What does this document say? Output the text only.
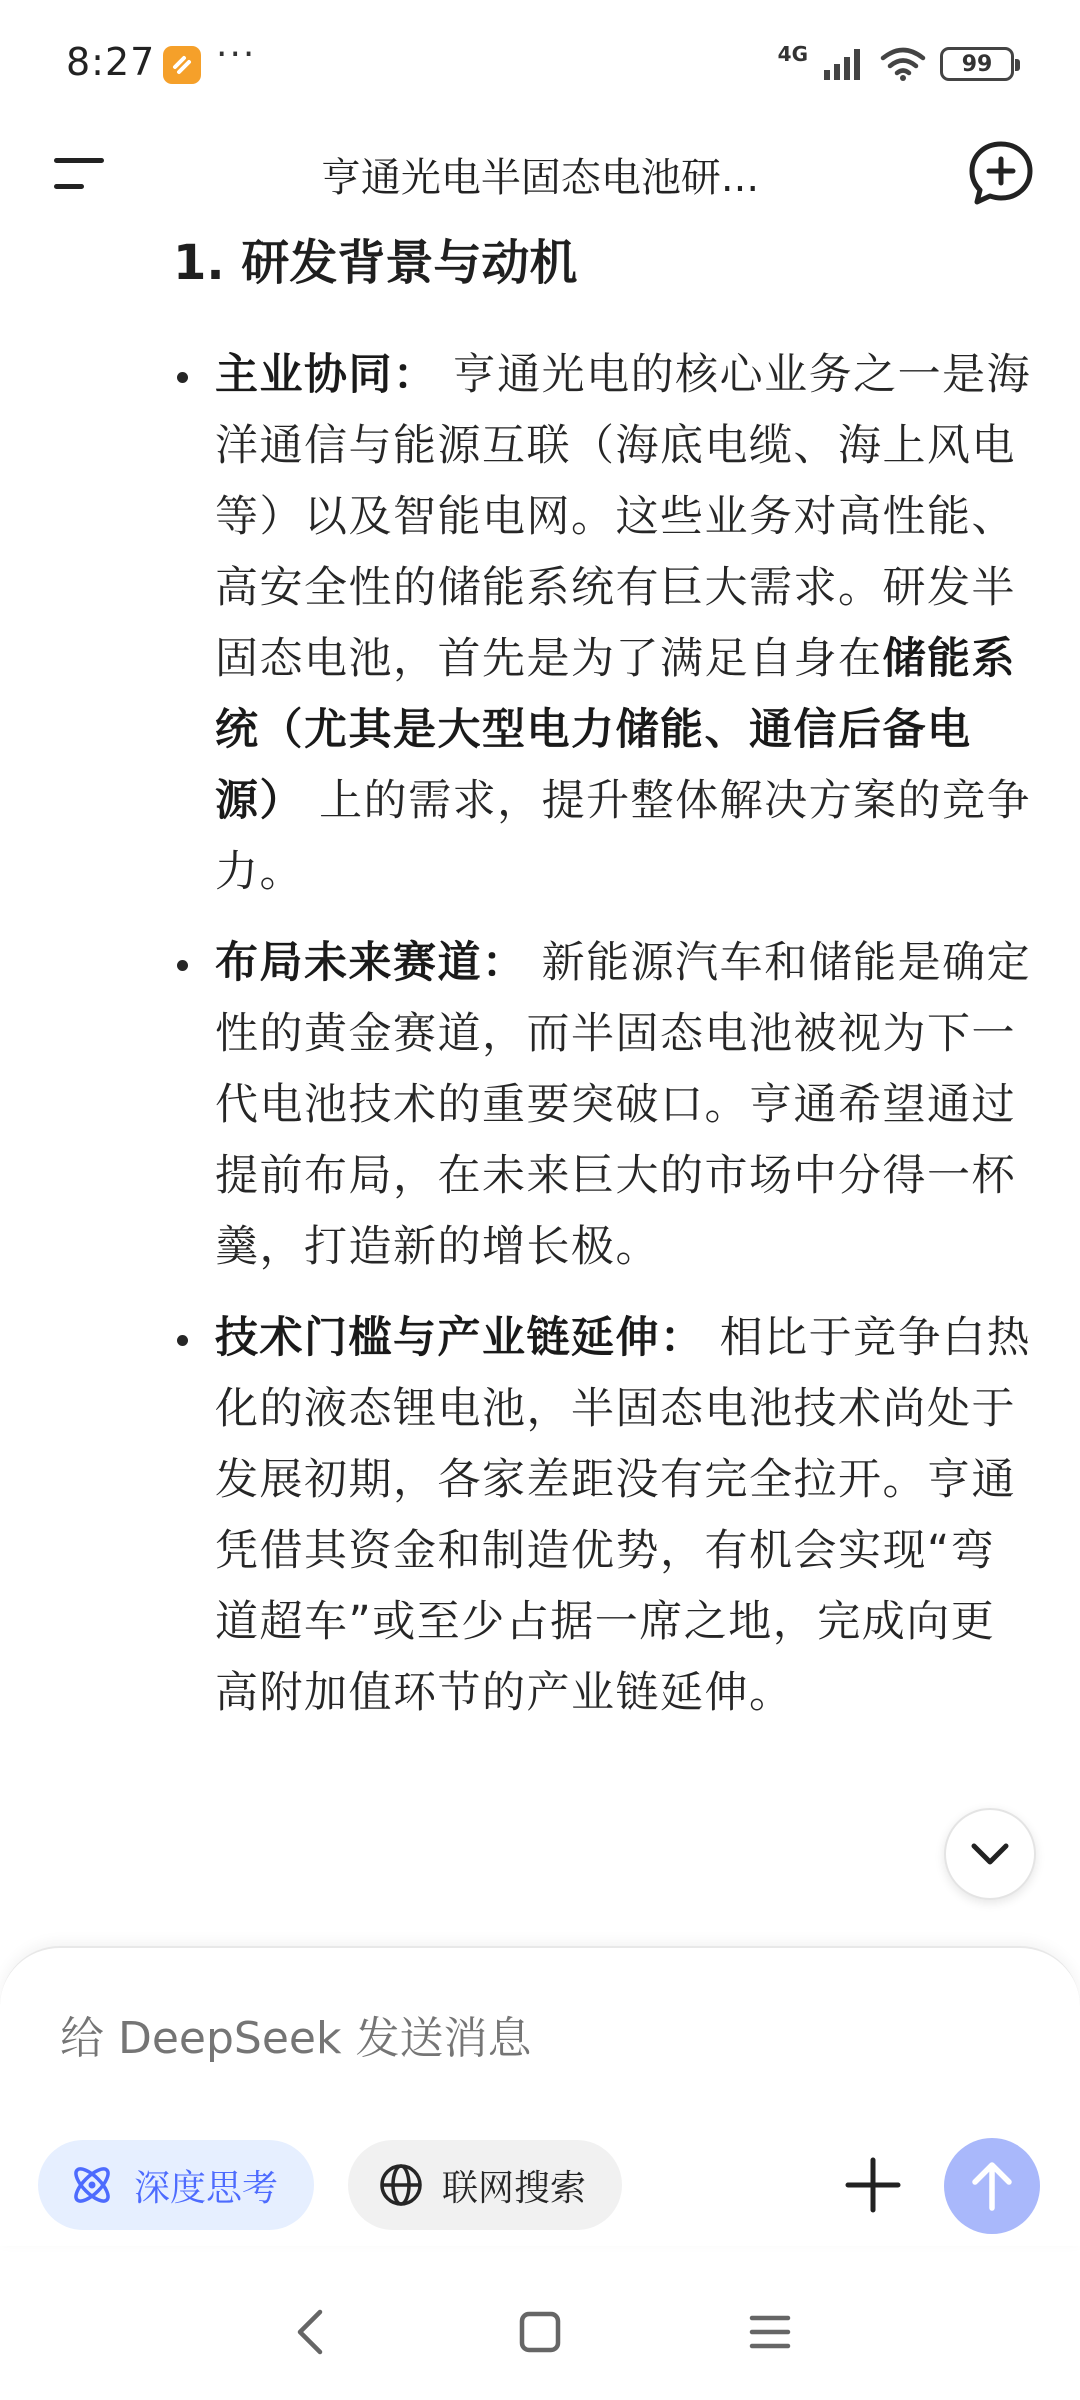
8:27 ···	4G	99
亨通光电半固态电池研...
1. 研发背景与动机
主业协同： 亨通光电的核心业务之一是海洋通信与能源互联（海底电缆、海上风电等）以及智能电网。这些业务对高性能、高安全性的储能系统有巨大需求。研发半固态电池，首先是为了满足自身在储能系统（尤其是大型电力储能、通信后备电源） 上的需求，提升整体解决方案的竞争力。
布局未来赛道： 新能源汽车和储能是确定性的黄金赛道，而半固态电池被视为下一代电池技术的重要突破口。亨通希望通过提前布局，在未来巨大的市场中分得一杯羹，打造新的增长极。
技术门槛与产业链延伸： 相比于竞争白热化的液态锂电池，半固态电池技术尚处于发展初期，各家差距没有完全拉开。亨通凭借其资金和制造优势，有机会实现“弯道超车”或至少占据一席之地，完成向更高附加值环节的产业链延伸。
给 DeepSeek 发送消息
深度思考	联网搜索
